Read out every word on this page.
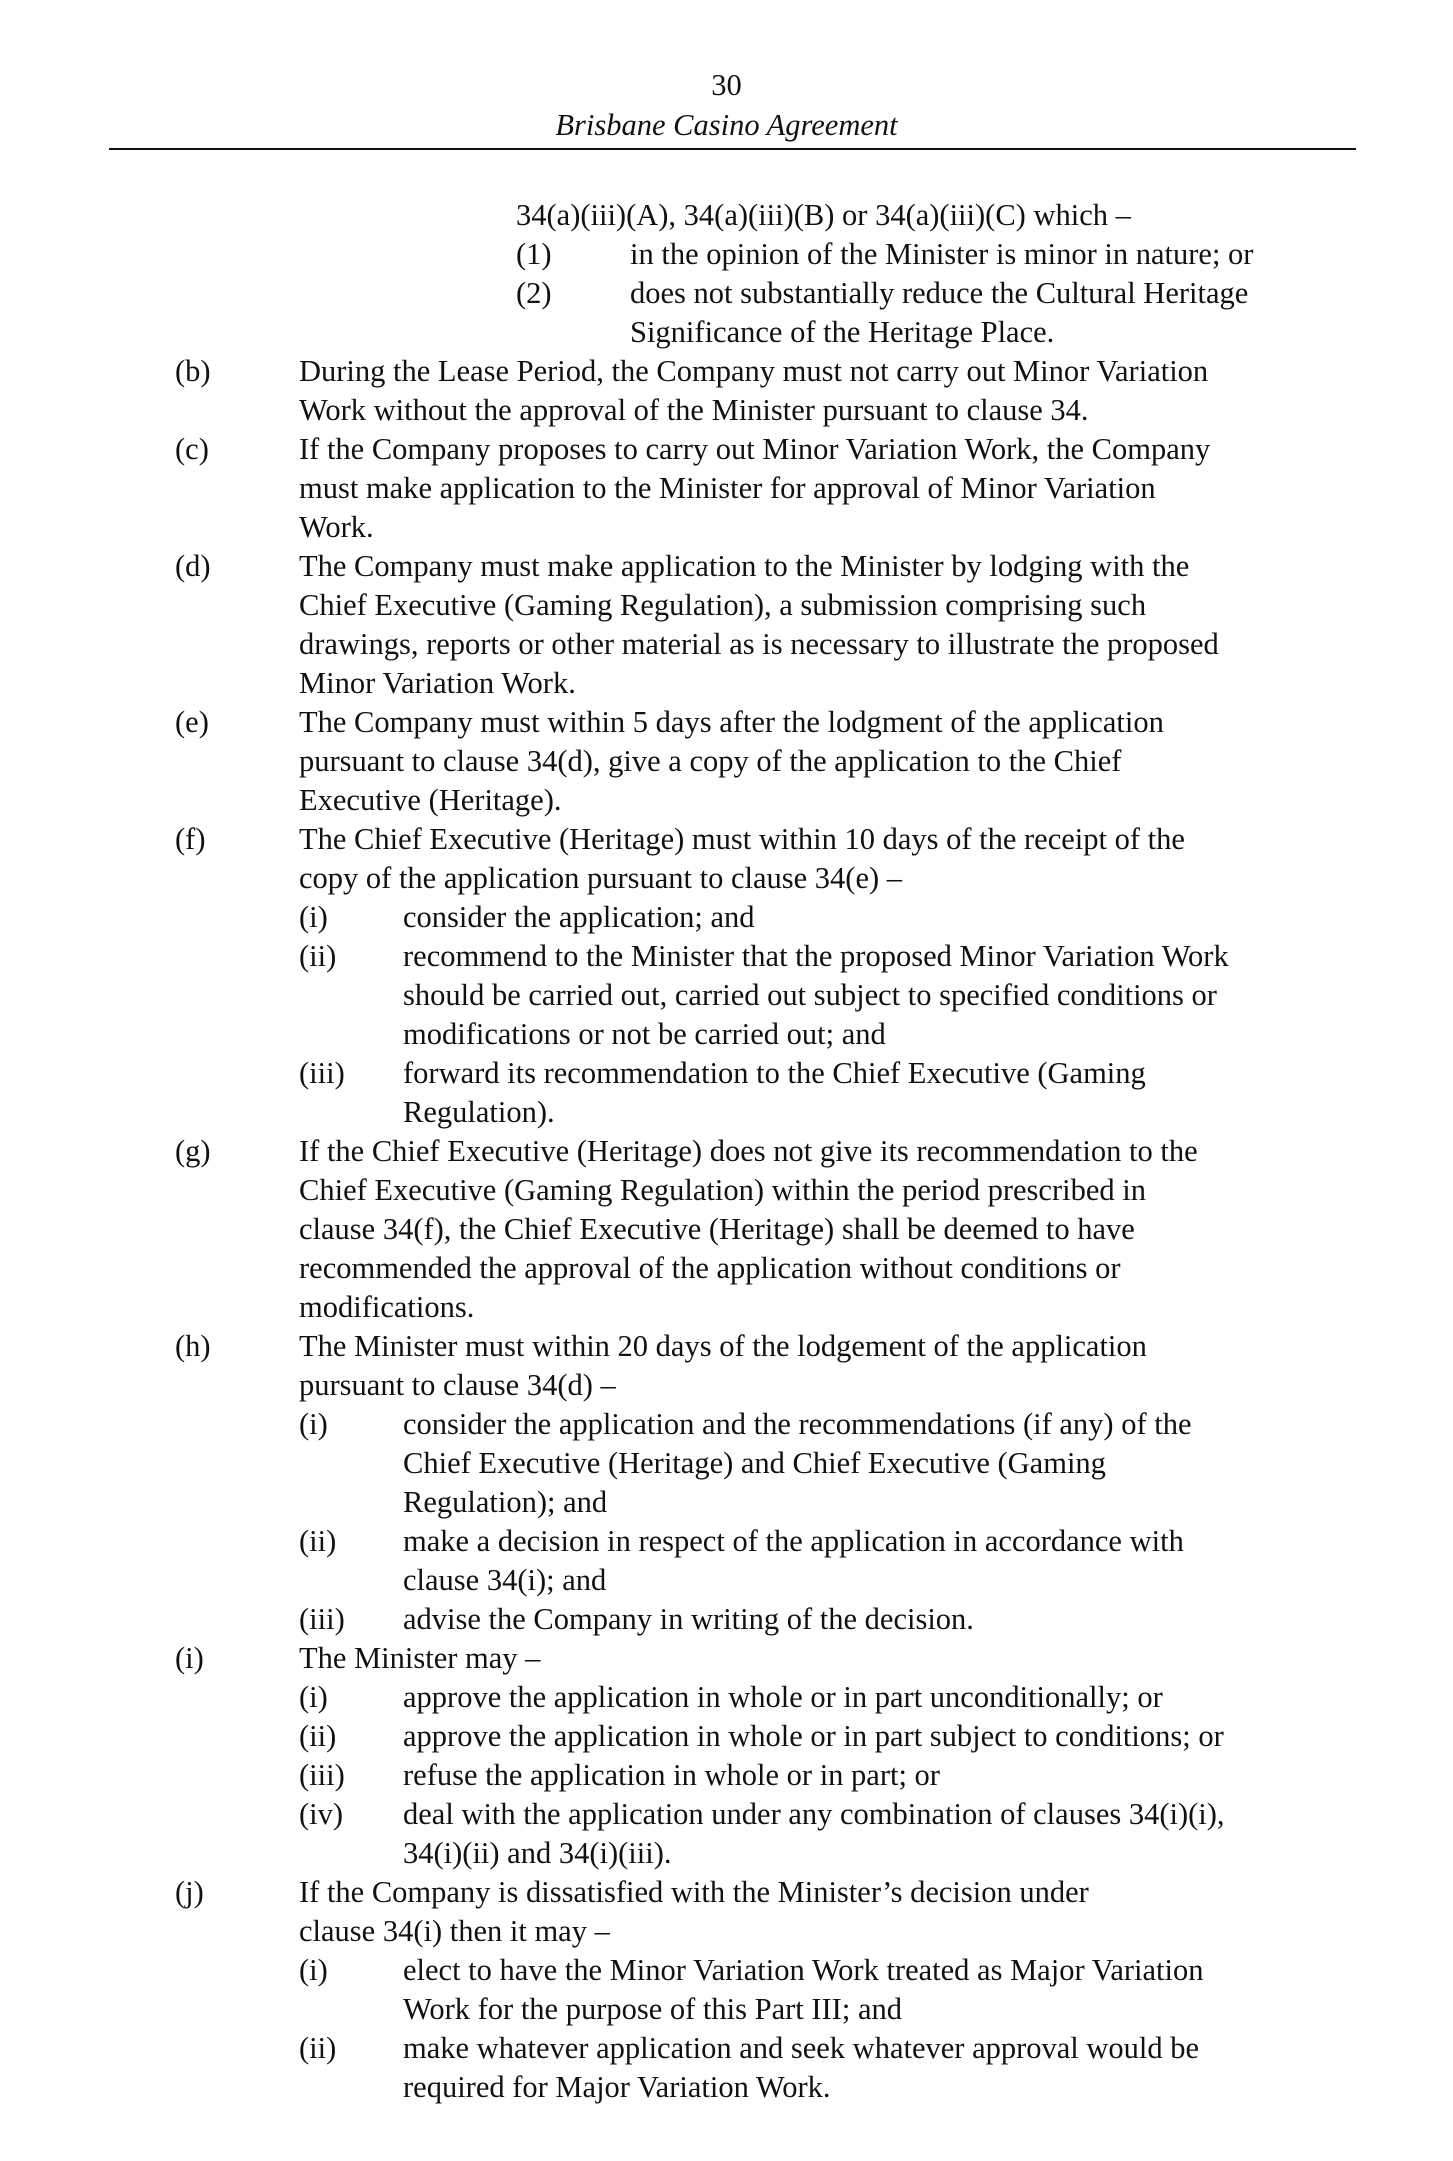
30
Brisbane Casino Agreement
34(a)(iii)(A), 34(a)(iii)(B) or 34(a)(iii)(C) which –
(1)	in the opinion of the Minister is minor in nature; or
(2)	does not substantially reduce the Cultural Heritage
Significance of the Heritage Place.
(b)	During the Lease Period, the Company must not carry out Minor Variation
Work without the approval of the Minister pursuant to clause 34.
(c)	If the Company proposes to carry out Minor Variation Work, the Company
must make application to the Minister for approval of Minor Variation
Work.
(d)	The Company must make application to the Minister by lodging with the
Chief Executive (Gaming Regulation), a submission comprising such
drawings, reports or other material as is necessary to illustrate the proposed
Minor Variation Work.
(e)	The Company must within 5 days after the lodgment of the application
pursuant to clause 34(d), give a copy of the application to the Chief
Executive (Heritage).
(f)	The Chief Executive (Heritage) must within 10 days of the receipt of the
copy of the application pursuant to clause 34(e) –
(i) consider the application; and
(ii) recommend to the Minister that the proposed Minor Variation Work
should be carried out, carried out subject to specified conditions or
modifications or not be carried out; and
(iii) forward its recommendation to the Chief Executive (Gaming
Regulation).
(g)	If the Chief Executive (Heritage) does not give its recommendation to the
Chief Executive (Gaming Regulation) within the period prescribed in
clause 34(f), the Chief Executive (Heritage) shall be deemed to have
recommended the approval of the application without conditions or
modifications.
(h)	The Minister must within 20 days of the lodgement of the application
pursuant to clause 34(d) –
(i) consider the application and the recommendations (if any) of the
Chief Executive (Heritage) and Chief Executive (Gaming
Regulation); and
(ii) make a decision in respect of the application in accordance with
clause 34(i); and
(iii) advise the Company in writing of the decision.
(i)	The Minister may –
(i) approve the application in whole or in part unconditionally; or
(ii) approve the application in whole or in part subject to conditions; or
(iii) refuse the application in whole or in part; or
(iv) deal with the application under any combination of clauses 34(i)(i),
34(i)(ii) and 34(i)(iii).
(j)	If the Company is dissatisfied with the Minister’s decision under
clause 34(i) then it may –
(i) elect to have the Minor Variation Work treated as Major Variation
Work for the purpose of this Part III; and
(ii) make whatever application and seek whatever approval would be
required for Major Variation Work.
